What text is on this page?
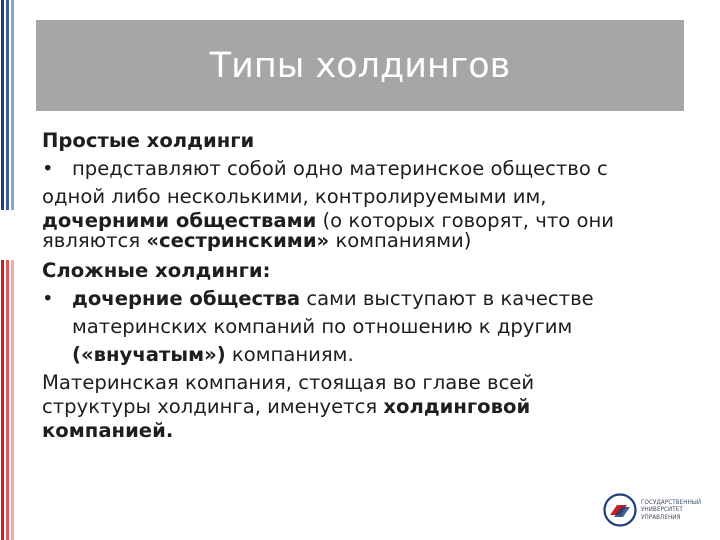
Типы холдингов

Простые холдинги

• представляют собой одно материнское общество с

одной либо несколькими, контролируемыми им,

дочерними обществами (о которых говорят, что они

являются «сестринскими» компаниями)

Сложные холдинги:

• дочерние общества сами выступают в качестве

материнских компаний по отношению к другим

(«внучатым») компаниям.

Материнская компания, стоящая во главе всей

структуры холдинга, именуется холдинговой

компанией.

ГОСУДАРСТВЕННЫЙ
УНИВЕРСИТЕТ
УПРАВЛЕНИЯ
